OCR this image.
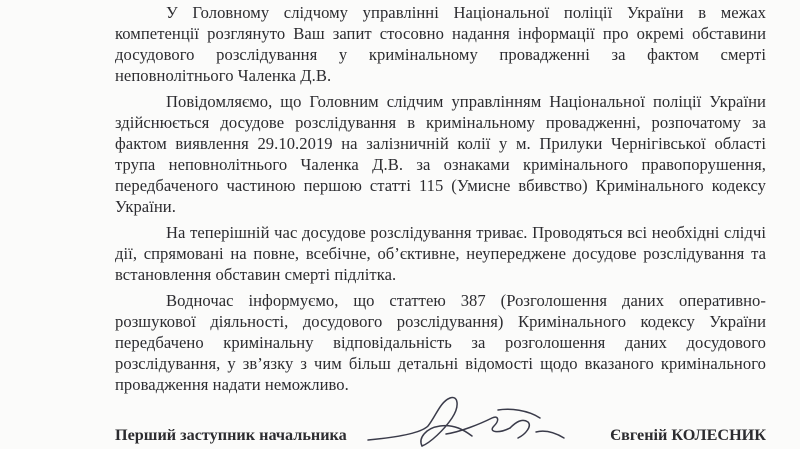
У Головному слідчому управлінні Національної поліції України в межах компетенції розглянуто Ваш запит стосовно надання інформації про окремі обставини досудового розслідування у кримінальному провадженні за фактом смерті неповнолітнього Чаленка Д.В.

Повідомляємо, що Головним слідчим управлінням Національної поліції України здійснюється досудове розслідування в кримінальному провадженні, розпочатому за фактом виявлення 29.10.2019 на залізничній колії у м. Прилуки Чернігівської області трупа неповнолітнього Чаленка Д.В. за ознаками кримінального правопорушення, передбаченого частиною першою статті 115 (Умисне вбивство) Кримінального кодексу України.

На теперішній час досудове розслідування триває. Проводяться всі необхідні слідчі дії, спрямовані на повне, всебічне, об’єктивне, неупереджене досудове розслідування та встановлення обставин смерті підлітка.

Водночас інформуємо, що статтею 387 (Розголошення даних оперативно-розшукової діяльності, досудового розслідування) Кримінального кодексу України передбачено кримінальну відповідальність за розголошення даних досудового розслідування, у зв’язку з чим більш детальні відомості щодо вказаного кримінального провадження надати неможливо.

Перший заступник начальника	Євгеній КОЛЕСНИК
